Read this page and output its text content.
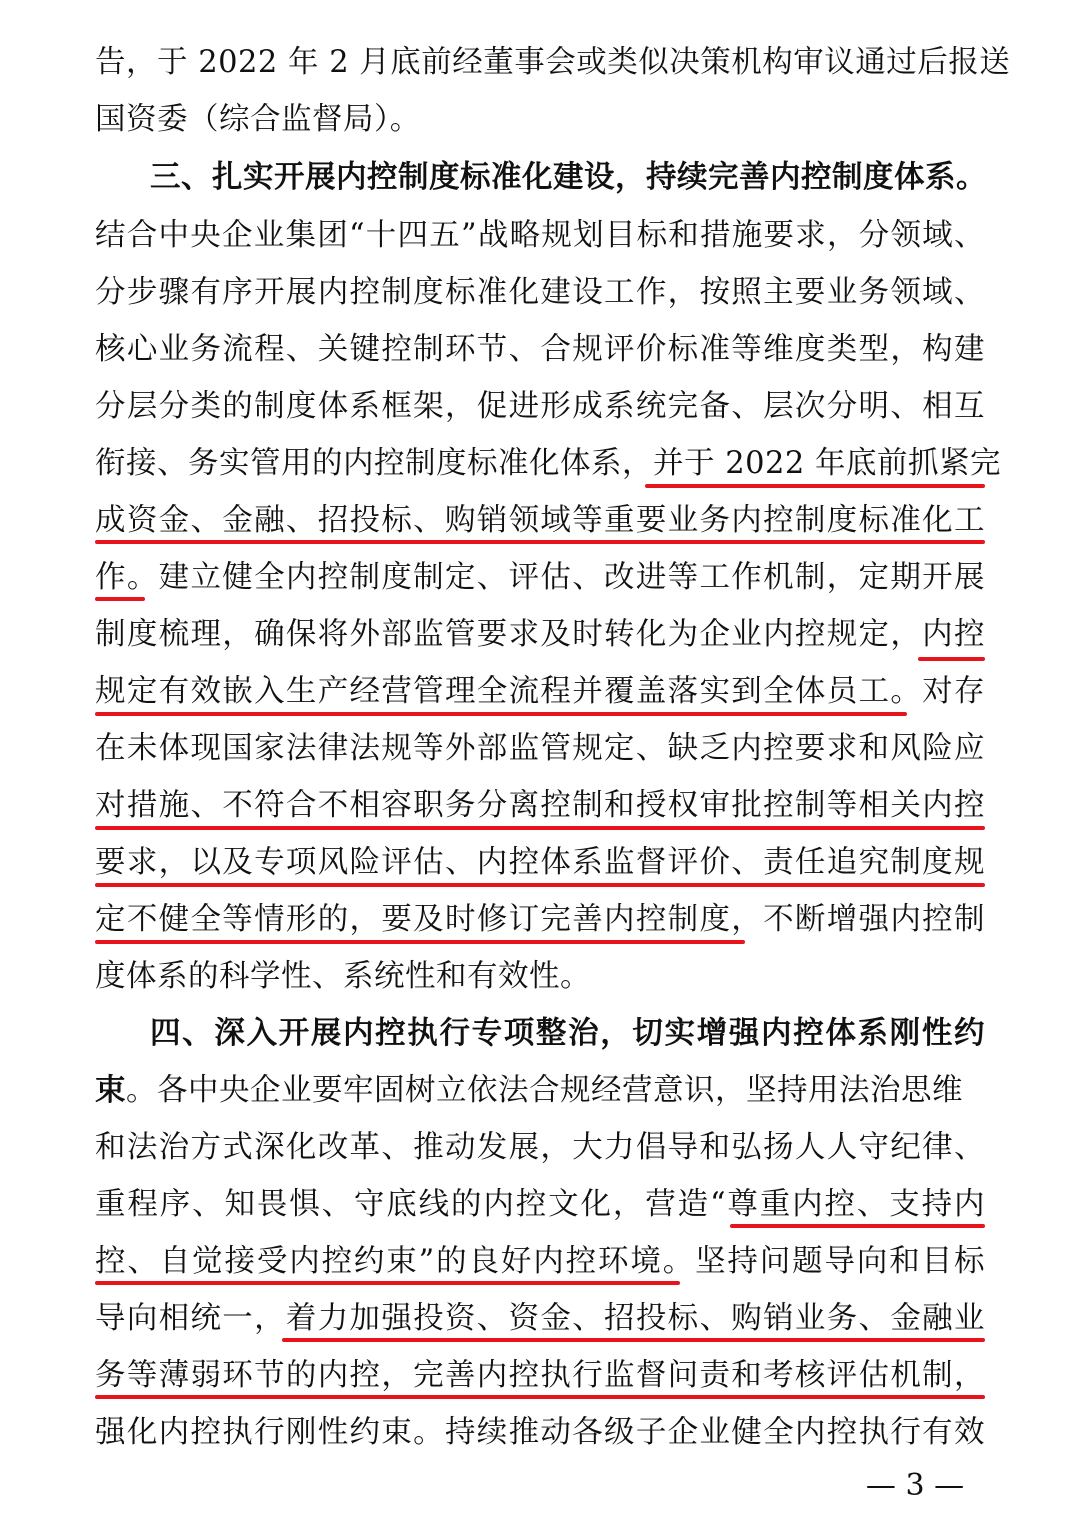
告，于 2022 年 2 月底前经董事会或类似决策机构审议通过后报送
国资委（综合监督局）。
三、扎实开展内控制度标准化建设，持续完善内控制度体系。
结合中央企业集团“十四五”战略规划目标和措施要求，分领域、
分步骤有序开展内控制度标准化建设工作，按照主要业务领域、
核心业务流程、关键控制环节、合规评价标准等维度类型，构建
分层分类的制度体系框架，促进形成系统完备、层次分明、相互
衔接、务实管用的内控制度标准化体系，并于 2022 年底前抓紧完
成资金、金融、招投标、购销领域等重要业务内控制度标准化工
作。建立健全内控制度制定、评估、改进等工作机制，定期开展
制度梳理，确保将外部监管要求及时转化为企业内控规定，内控
规定有效嵌入生产经营管理全流程并覆盖落实到全体员工。对存
在未体现国家法律法规等外部监管规定、缺乏内控要求和风险应
对措施、不符合不相容职务分离控制和授权审批控制等相关内控
要求，以及专项风险评估、内控体系监督评价、责任追究制度规
定不健全等情形的，要及时修订完善内控制度，不断增强内控制
度体系的科学性、系统性和有效性。
四、深入开展内控执行专项整治，切实增强内控体系刚性约
束。各中央企业要牢固树立依法合规经营意识，坚持用法治思维
和法治方式深化改革、推动发展，大力倡导和弘扬人人守纪律、
重程序、知畏惧、守底线的内控文化，营造“尊重内控、支持内
控、自觉接受内控约束”的良好内控环境。坚持问题导向和目标
导向相统一，着力加强投资、资金、招投标、购销业务、金融业
务等薄弱环节的内控，完善内控执行监督问责和考核评估机制，
强化内控执行刚性约束。持续推动各级子企业健全内控执行有效
— 3 —
